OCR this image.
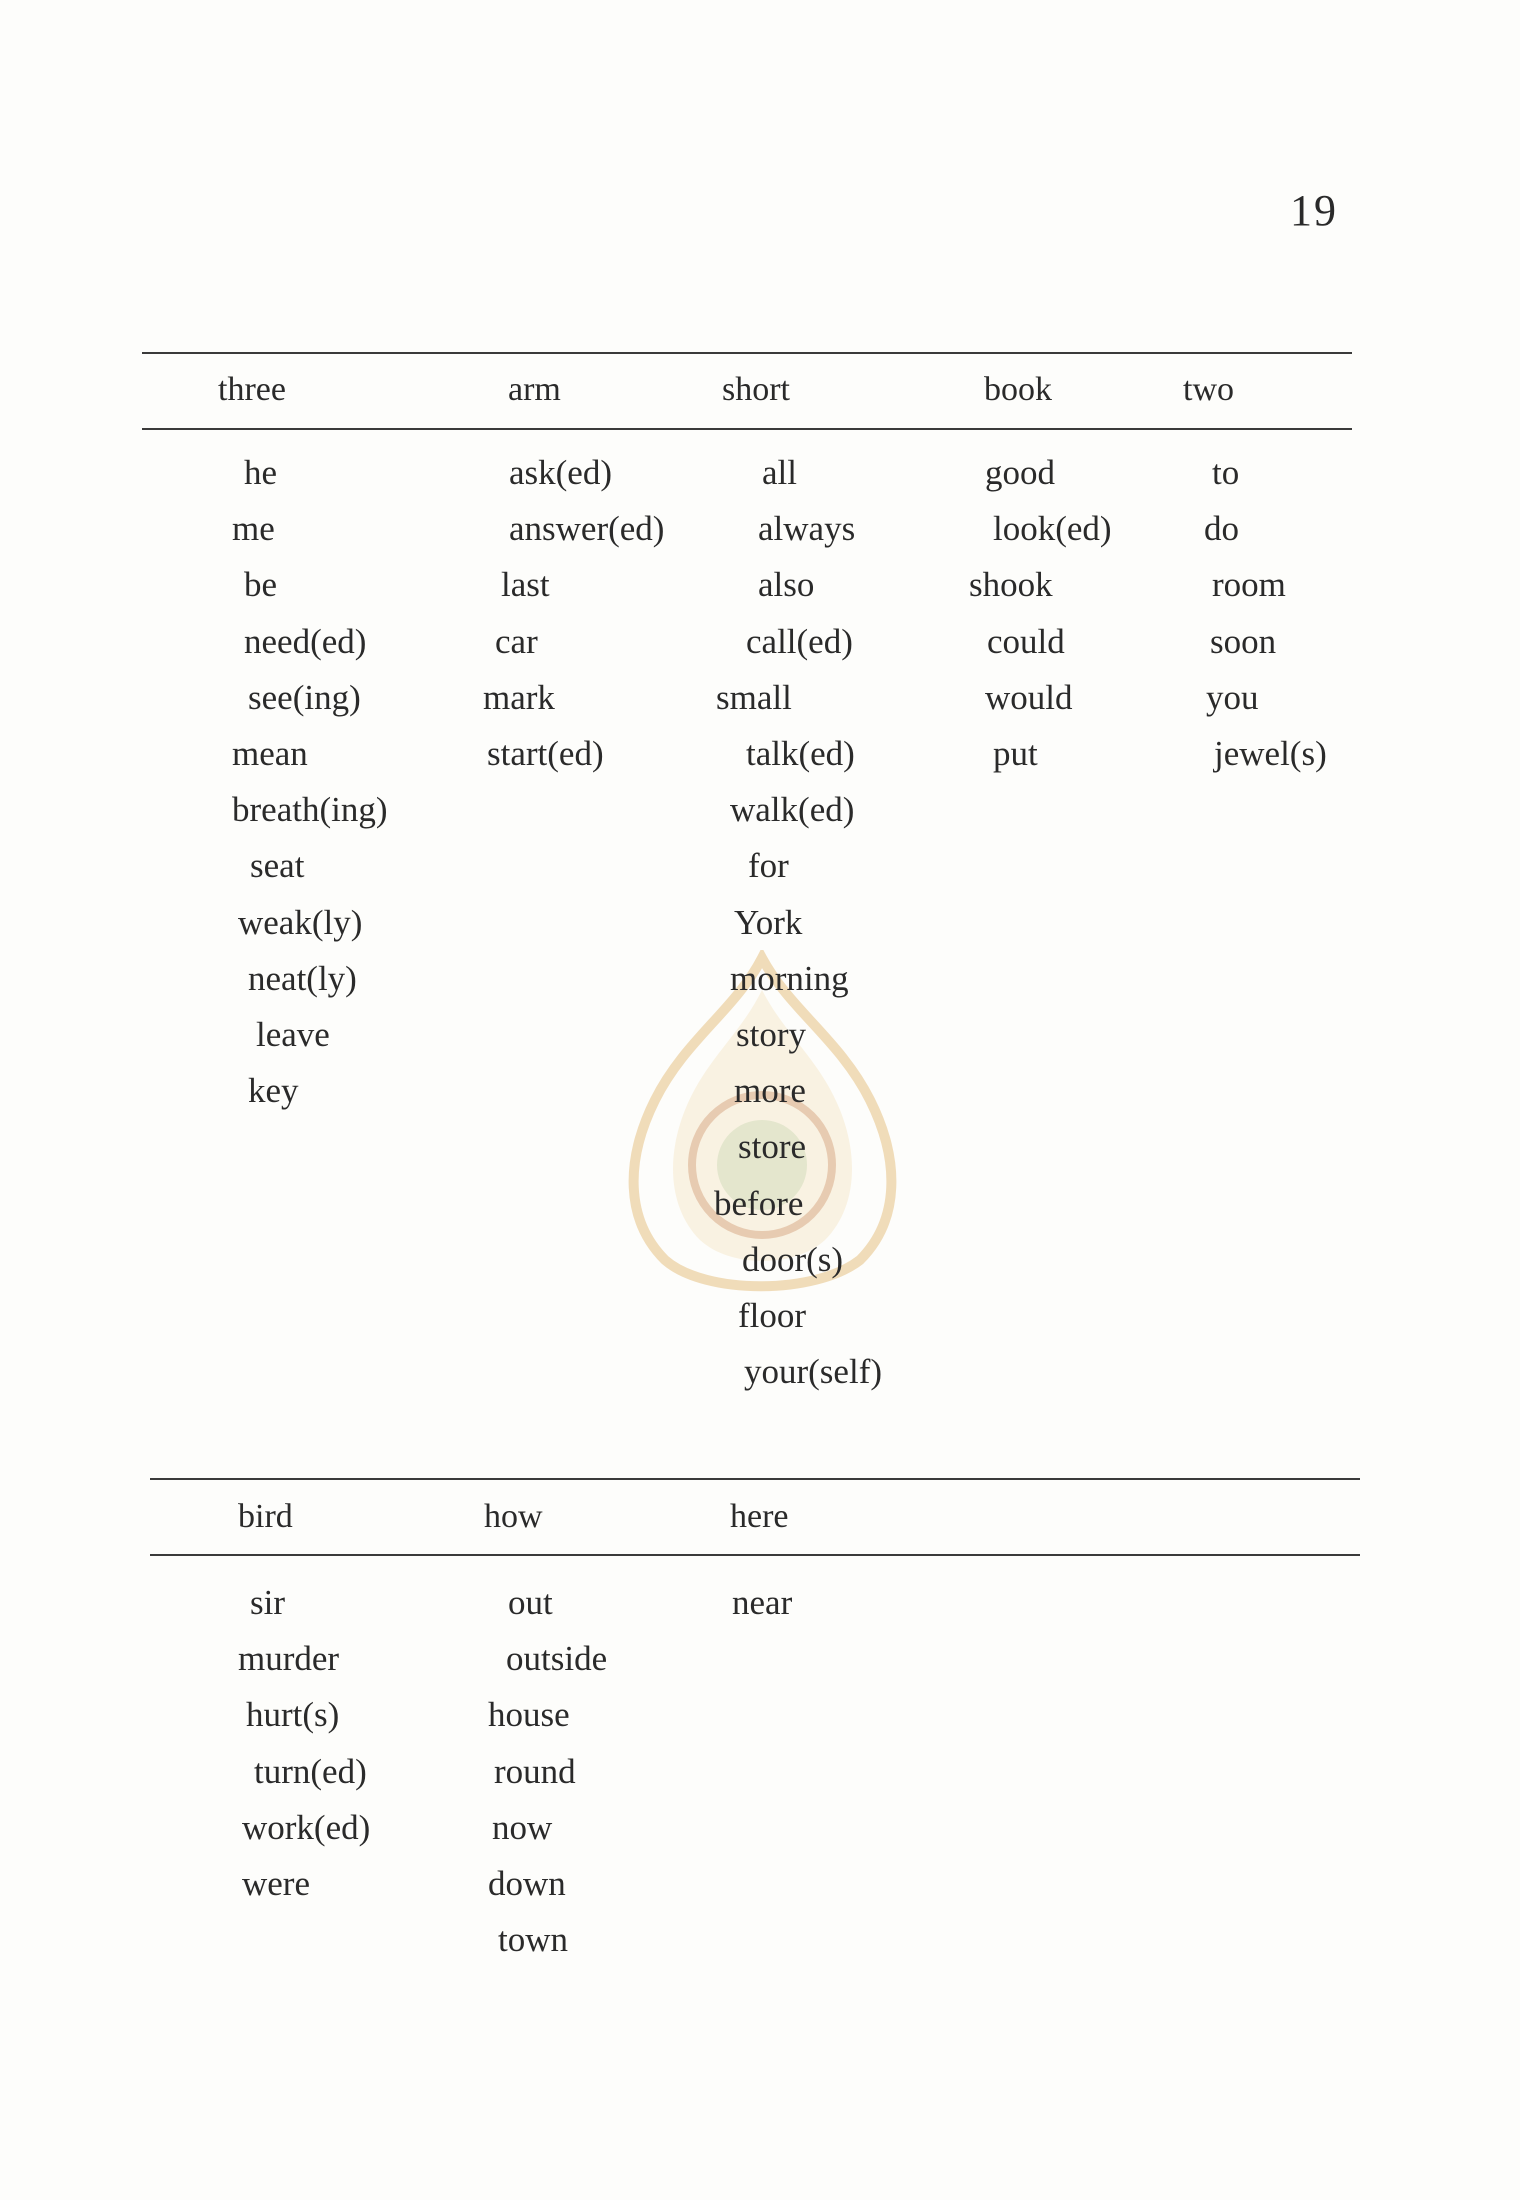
19
three
he
me
be
need(ed)
see(ing)
mean
breath(ing)
seat
weak(ly)
neat(ly)
leave
key
arm
ask(ed)
answer(ed)
last
car
mark
start(ed)
short
all
always
also
call(ed)
small
talk(ed)
walk(ed)
for
York
morning
story
more
store
before
door(s)
floor
your(self)
book
good
look(ed)
shook
could
would
put
two
to
do
room
soon
you
jewel(s)
bird
sir
murder
hurt(s)
turn(ed)
work(ed)
were
how
out
outside
house
round
now
down
town
here
near
